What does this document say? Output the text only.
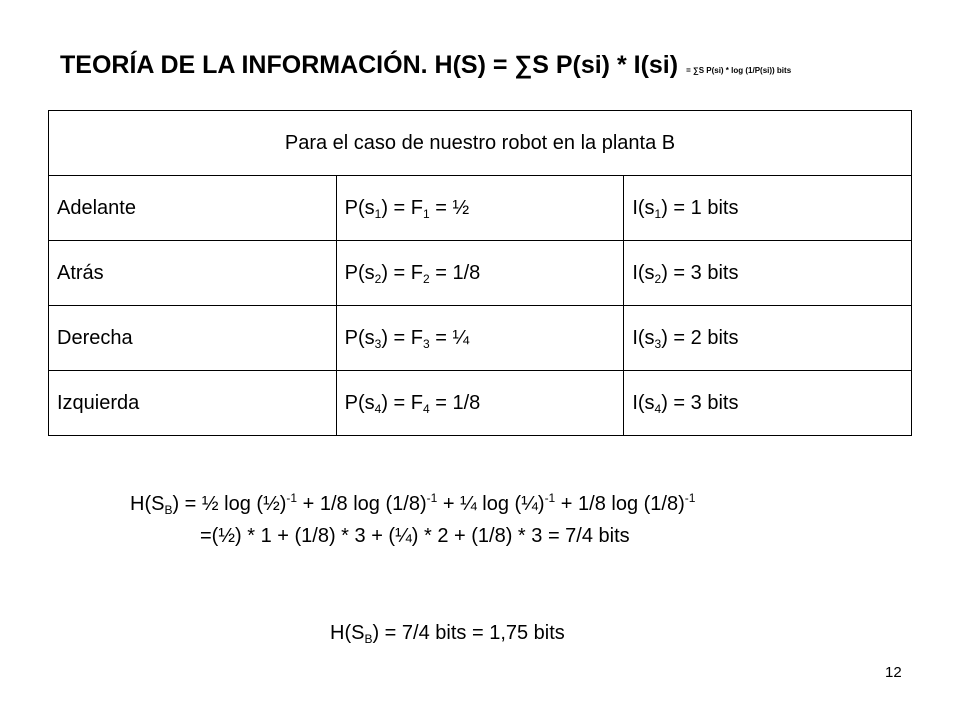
TEORÍA DE LA INFORMACIÓN. H(S) = ∑S P(si) * I(si) = ∑S P(si) * log (1/P(si)) bits
Para el caso de nuestro robot en la planta B		
Adelante	$P(s_1) = F_1$ = ½	$I(s_1) = 1$ bits
Atrás	$P(s_2) = F_2 = 1/8$	$I(s_2) = 3$ bits
Derecha	$P(s_3) = F_3$ = ¼	$I(s_3) = 2$ bits
Izquierda	$P(s_4) = F_4 = 1/8$	$I(s_4) = 3$ bits
$H(S_B)$ = ½ log (½)$^{-1}$ + 1/8 $\log (1/8)^{-1}$ + ¼ log (¼)$^{-1}$ + 1/8 $\log (1/8)^{-1}$
=(½) * 1 + (1/8) * 3 + (¼) * 2 + (1/8) * 3 = 7/4 bits
$H(S_B) = 7/4$ bits = 1,75 bits
12
